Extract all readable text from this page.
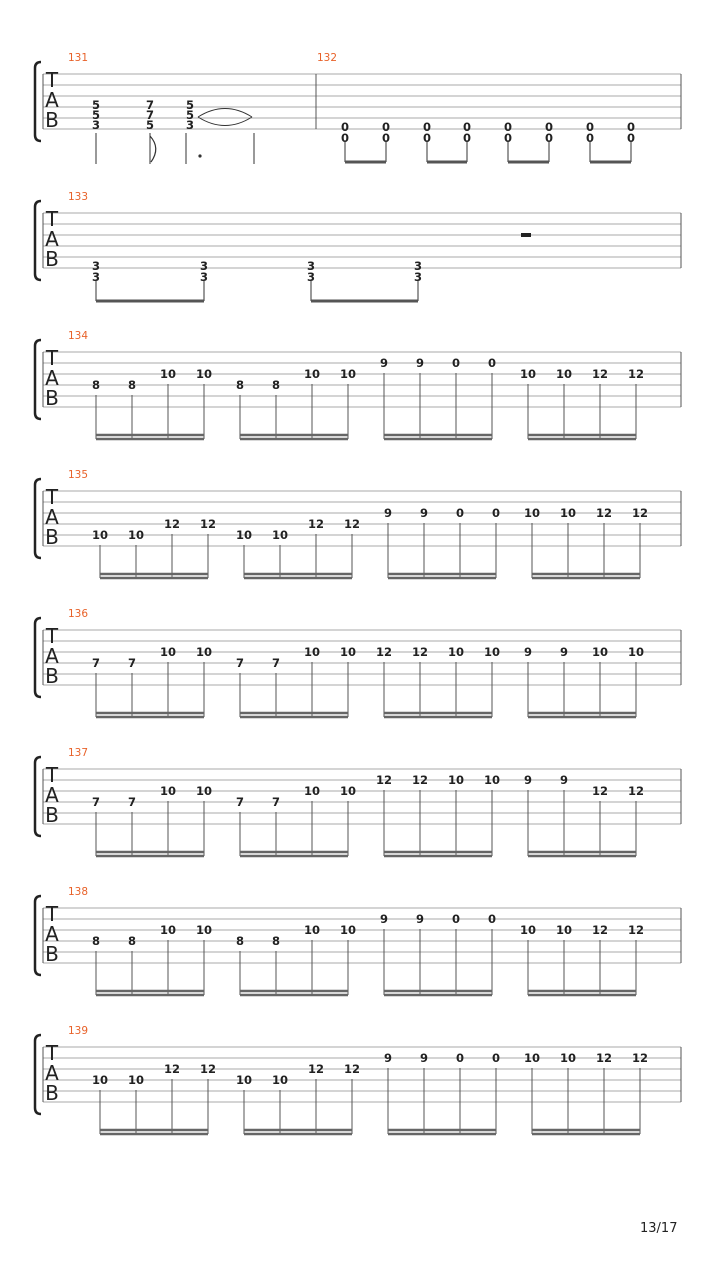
T
A
B
131	132
5
5
3
7
7
5
5
5
3	0
0
0
0
0
0
0
0
0
0
0
0
0
0
0
0
T
A
B
133
3
3
3
3
3
3
3
3
T
A
B
134
8 8
10 10
8 8
10 10
9 9 0 0
10 10 12 12
T
A
B
135
10 10
12 12
10 10
12 12
9 9 0 0 10 10 12 12
T
A
B
136
7 7
10 10
7 7
10 10 12 12 10 10 9 9 10 10
T
A
B
137
7 7
10 10
7 7
10 10
12 12 10 10 9 9
12 12
T
A
B
138
8 8
10 10
8 8
10 10
9 9 0 0
10 10 12 12
T
A
B
139
10 10
12 12
10 10
12 12
9 9 0 0 10 10 12 12
13/17
